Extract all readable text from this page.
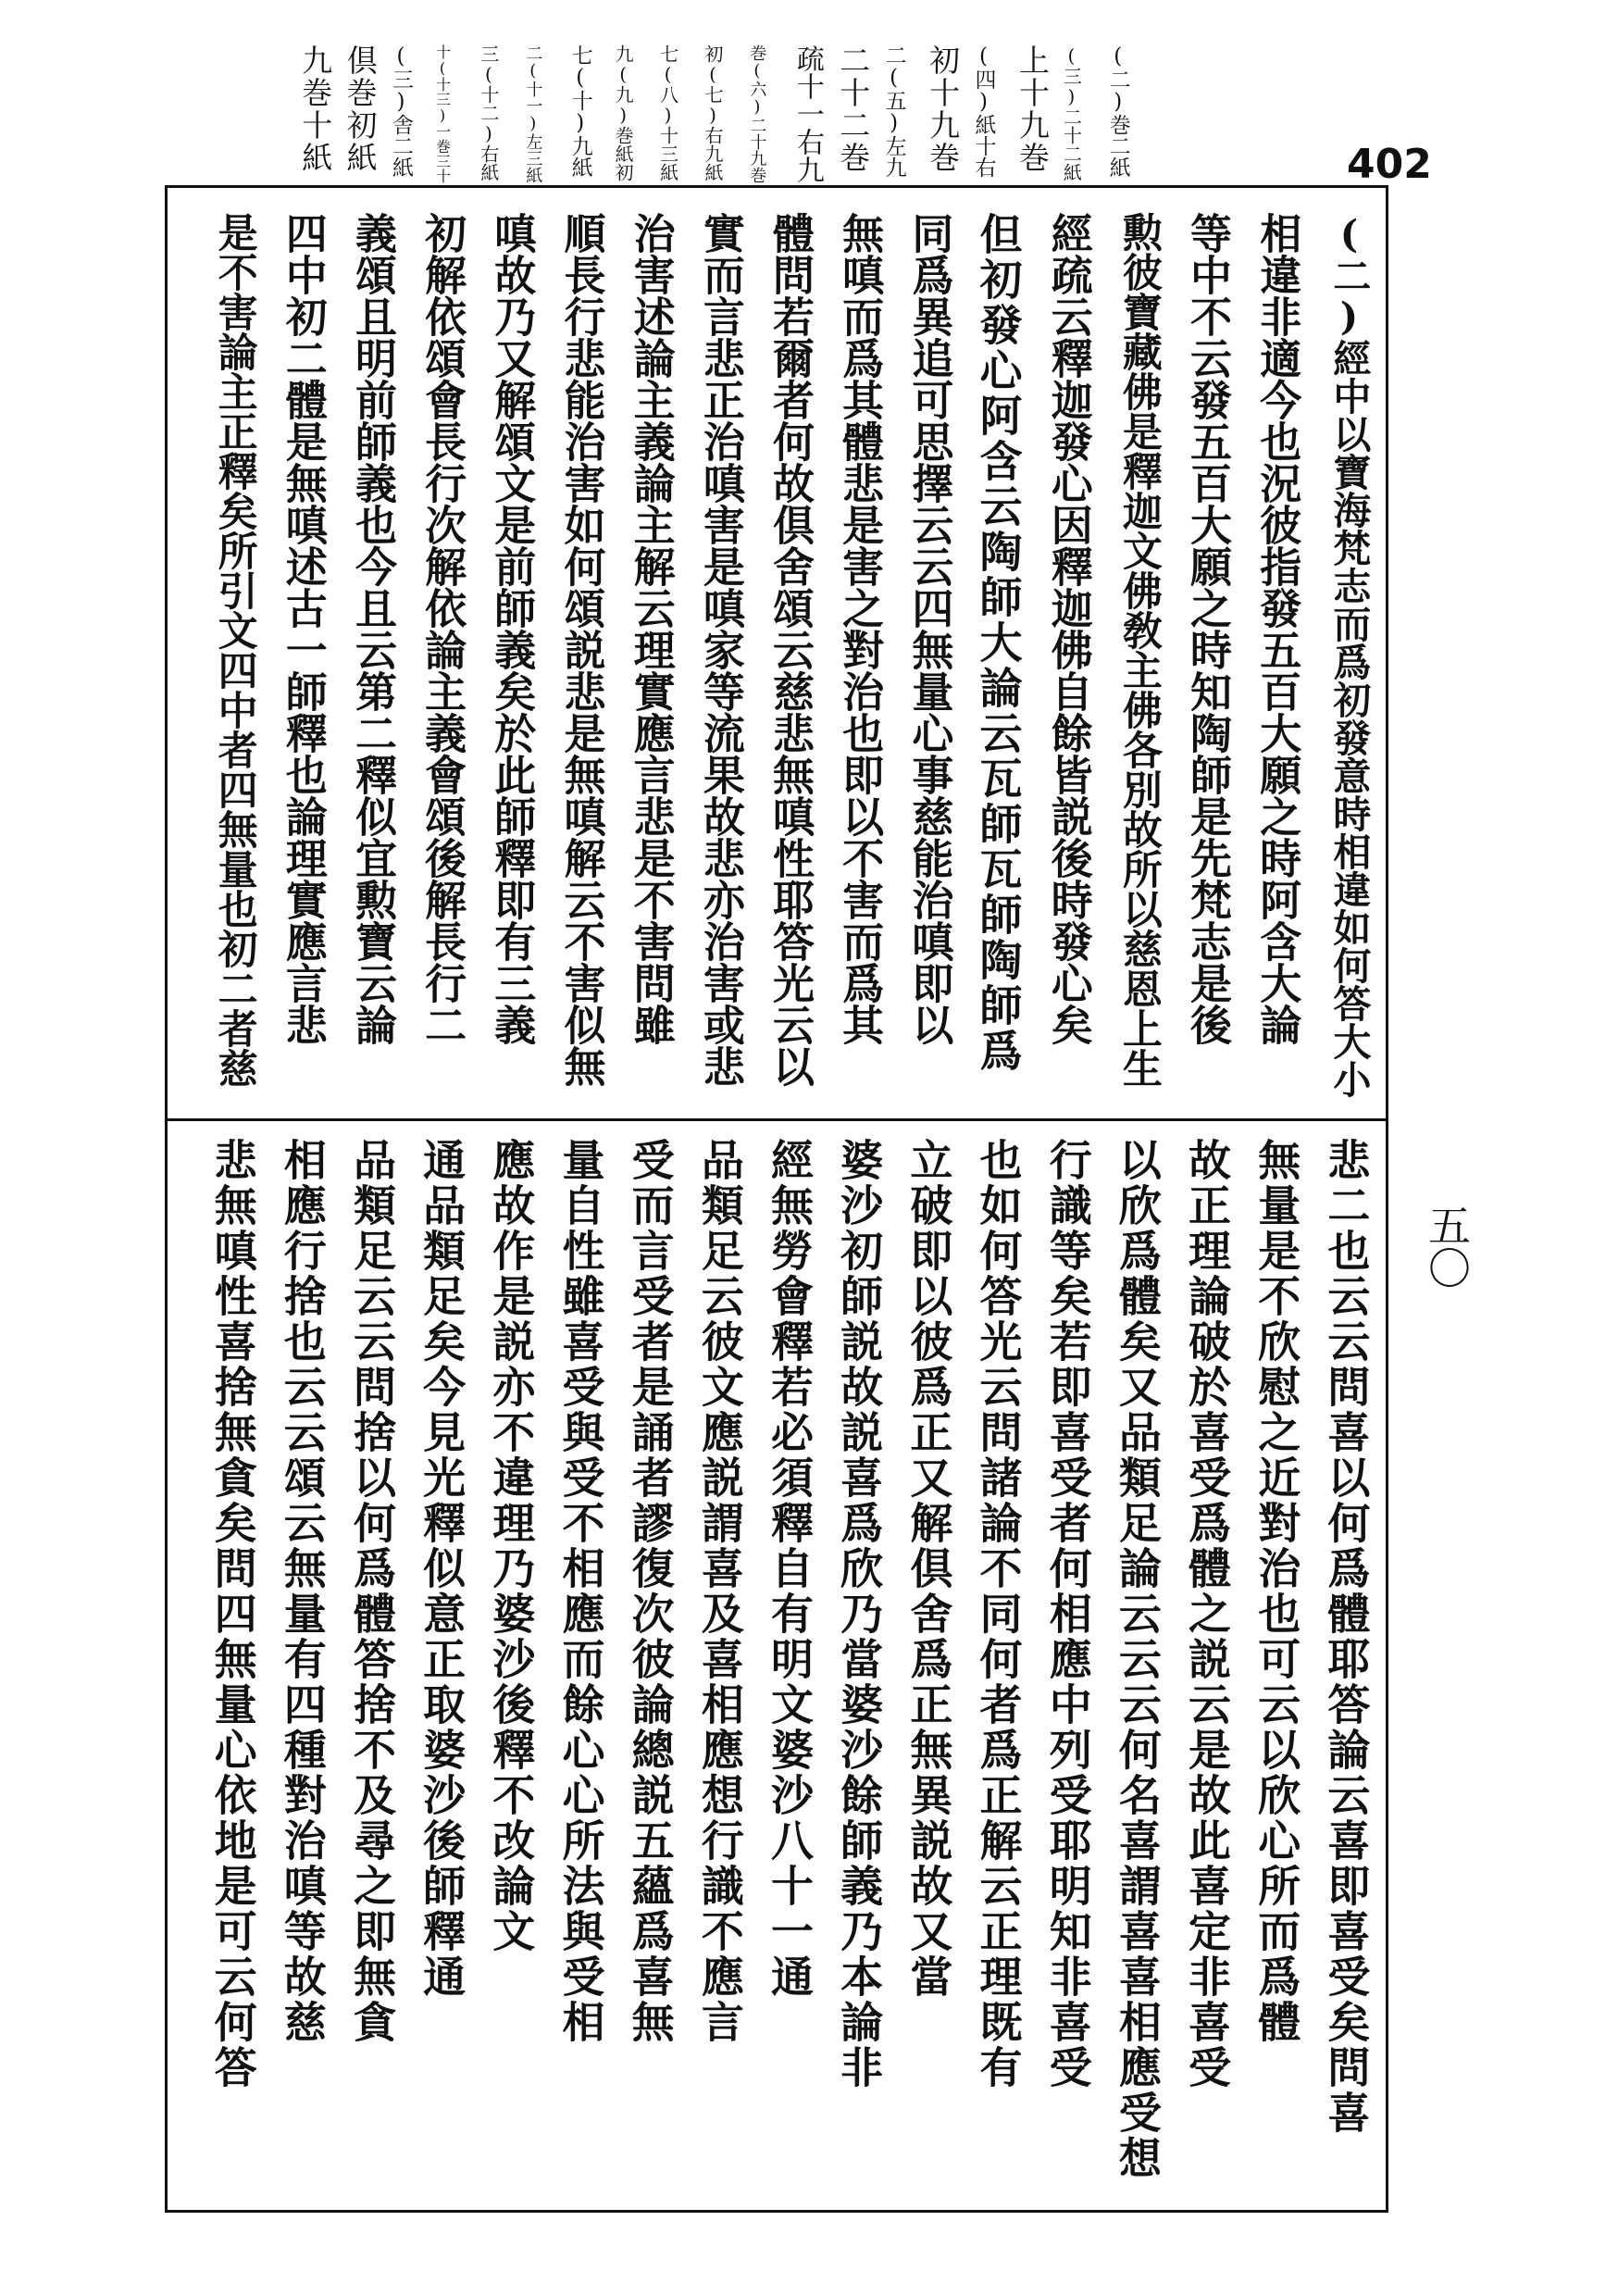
(二)巻二紙
(三)二十二紙
上十九巻
(四)紙十右
初十九巻
二(五)左九
二十二巻
疏十一右九
巻(六)二十九巻
初(七)右九紙
七(八)十三紙
九(九)巻紙初
七(十)九紙
二(十一)左三紙
三(十二)右紙
十(十三)一巻三十
(三)舎二紙
倶巻初紙
九巻十紙	402
(二)經中以寶海梵志而爲初發意時相違如何答大小
相違非適今也況彼指發五百大願之時阿含大論
等中不云發五百大願之時知陶師是先梵志是後
勲彼寶藏佛是釋迦文佛敎主佛各別故所以慈恩上生
經疏云釋迦發心因釋迦佛自餘皆説後時發心矣
但初發心阿含云陶師大論云瓦師瓦師陶師爲
同爲異追可思擇云云四無量心事慈能治嗔即以
無嗔而爲其體悲是害之對治也即以不害而爲其
體問若爾者何故倶舍頌云慈悲無嗔性耶答光云以
實而言悲正治嗔害是嗔家等流果故悲亦治害或悲
治害述論主義論主解云理實應言悲是不害問雖
順長行悲能治害如何頌説悲是無嗔解云不害似無
嗔故乃又解頌文是前師義矣於此師釋即有三義
初解依頌會長行次解依論主義會頌後解長行二
義頌且明前師義也今且云第二釋似宜勲寶云論
四中初二體是無嗔述古一師釋也論理實應言悲
是不害論主正釋矣所引文四中者四無量也初二者慈
悲二也云云問喜以何爲體耶答論云喜即喜受矣問喜
無量是不欣慰之近對治也可云以欣心所而爲體
故正理論破於喜受爲體之説云是故此喜定非喜受
以欣爲體矣又品類足論云云云何名喜謂喜喜相應受想
行識等矣若即喜受者何相應中列受耶明知非喜受
也如何答光云問諸論不同何者爲正解云正理既有
立破即以彼爲正又解倶舍爲正無異説故又當
婆沙初師説故説喜爲欣乃當婆沙餘師義乃本論非
經無勞會釋若必須釋自有明文婆沙八十一通
品類足云彼文應説謂喜及喜相應想行識不應言
受而言受者是誦者謬復次彼論總説五蘊爲喜無
量自性雖喜受與受不相應而餘心心所法與受相
應故作是説亦不違理乃婆沙後釋不改論文
通品類足矣今見光釋似意正取婆沙後師釋通
品類足云云問捨以何爲體答捨不及尋之即無貪
相應行捨也云云頌云無量有四種對治嗔等故慈
悲無嗔性喜捨無貪矣問四無量心依地是可云何答	五〇
